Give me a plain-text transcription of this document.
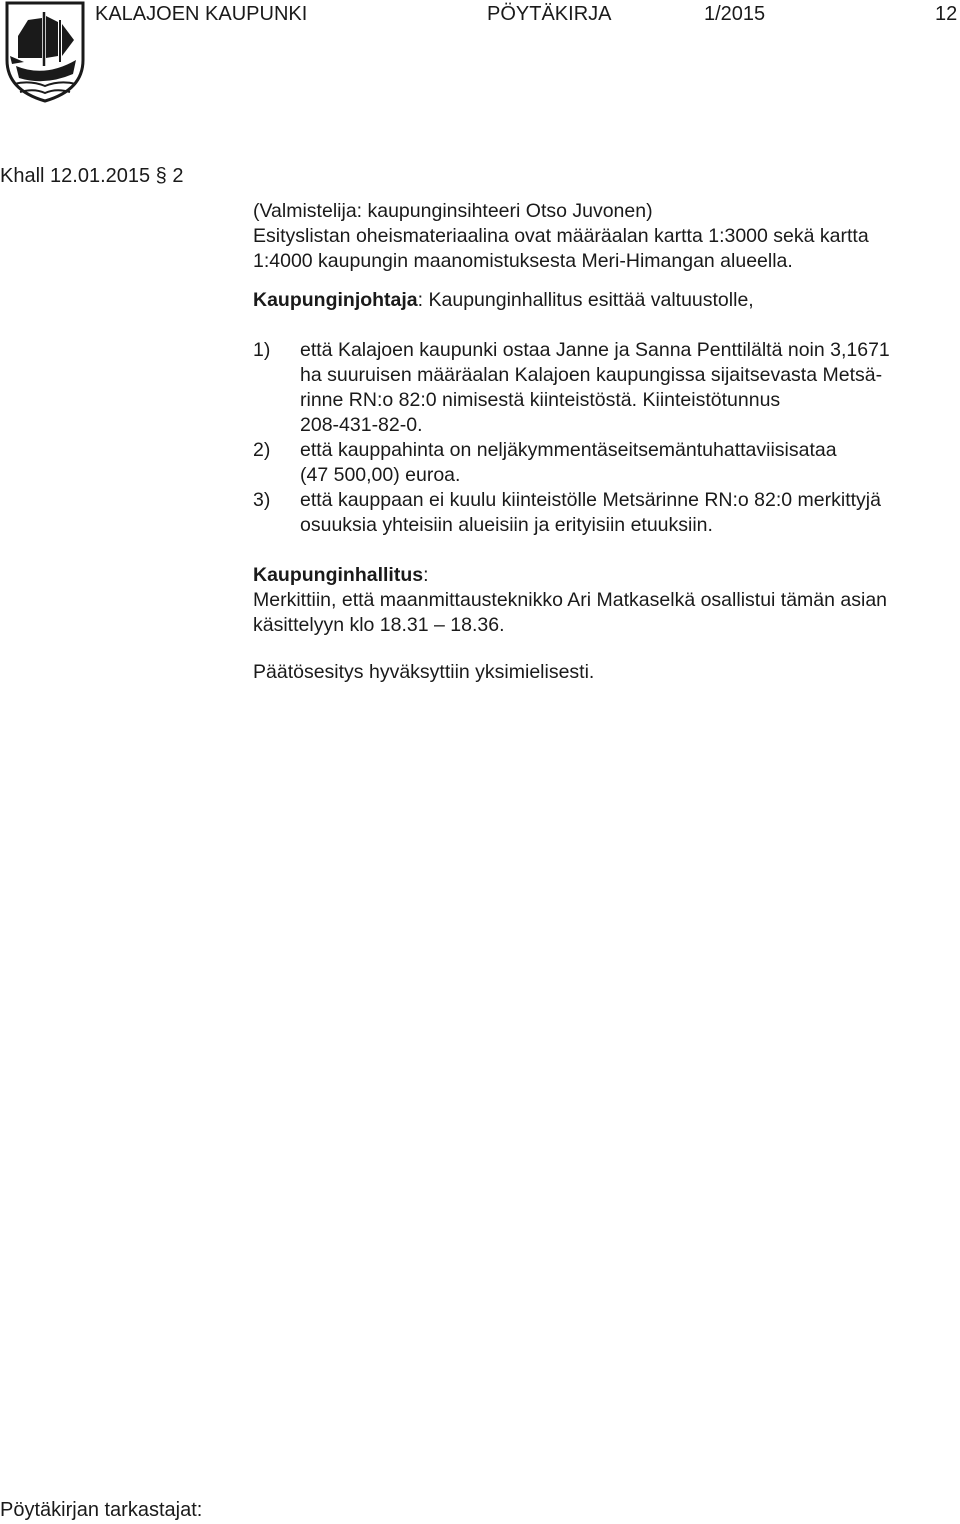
KALAJOEN KAUPUNKI	PÖYTÄKIRJA	1/2015	12
Khall 12.01.2015 § 2

(Valmistelija: kaupunginsihteeri Otso Juvonen)

Esityslistan oheismateriaalina ovat määräalan kartta 1:3000 sekä kartta

1:4000 kaupungin maanomistuksesta Meri-Himangan alueella.

Kaupunginjohtaja: Kaupunginhallitus esittää valtuustolle,

1) että Kalajoen kaupunki ostaa Janne ja Sanna Penttilältä noin 3,1671
ha suuruisen määräalan Kalajoen kaupungissa sijaitsevasta Metsä-
rinne RN:o 82:0 nimisestä kiinteistöstä. Kiinteistötunnus
208-431-82-0.
2) että kauppahinta on neljäkymmentäseitsemäntuhattaviisisataa
(47 500,00) euroa.
3) että kauppaan ei kuulu kiinteistölle Metsärinne RN:o 82:0 merkittyjä
osuuksia yhteisiin alueisiin ja erityisiin etuuksiin.

Kaupunginhallitus:

Merkittiin, että maanmittausteknikko Ari Matkaselkä osallistui tämän asian

käsittelyyn klo 18.31 – 18.36.

Päätösesitys hyväksyttiin yksimielisesti.

Pöytäkirjan tarkastajat:
